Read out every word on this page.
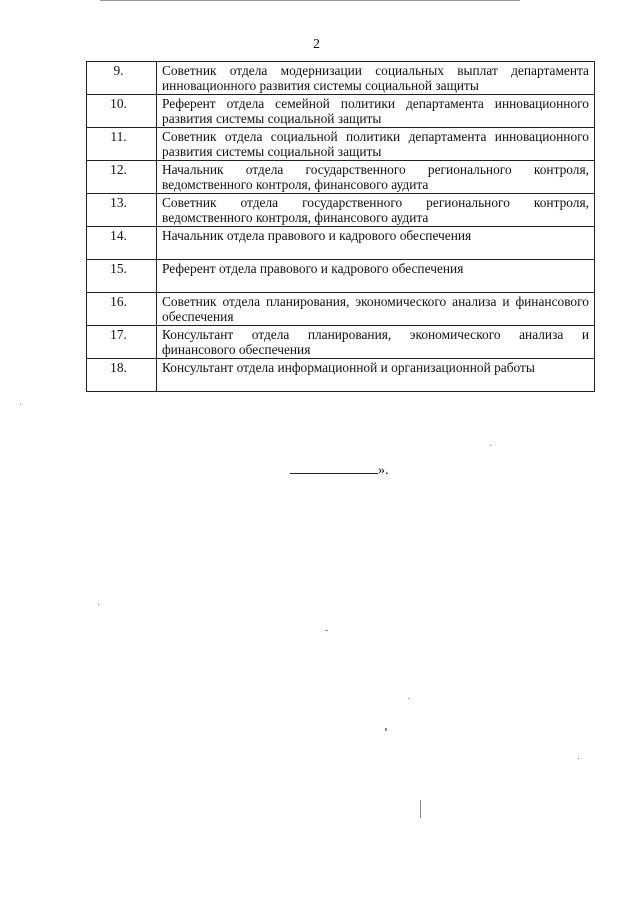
2
9.	Советник отдела модернизации социальных выплат департамента инновационного развития системы социальной защиты
10.	Референт отдела семейной политики департамента инновационного развития системы социальной защиты
11.	Советник отдела социальной политики департамента инновационного развития системы социальной защиты
12.	Начальник отдела государственного регионального контроля, ведомственного контроля, финансового аудита
13.	Советник отдела государственного регионального контроля, ведомственного контроля, финансового аудита
14.	Начальник отдела правового и кадрового обеспечения
15.	Референт отдела правового и кадрового обеспечения
16.	Советник отдела планирования, экономического анализа и финансового обеспечения
17.	Консультант отдела планирования, экономического анализа и финансового обеспечения
18.	Консультант отдела информационной и организационной работы
».
